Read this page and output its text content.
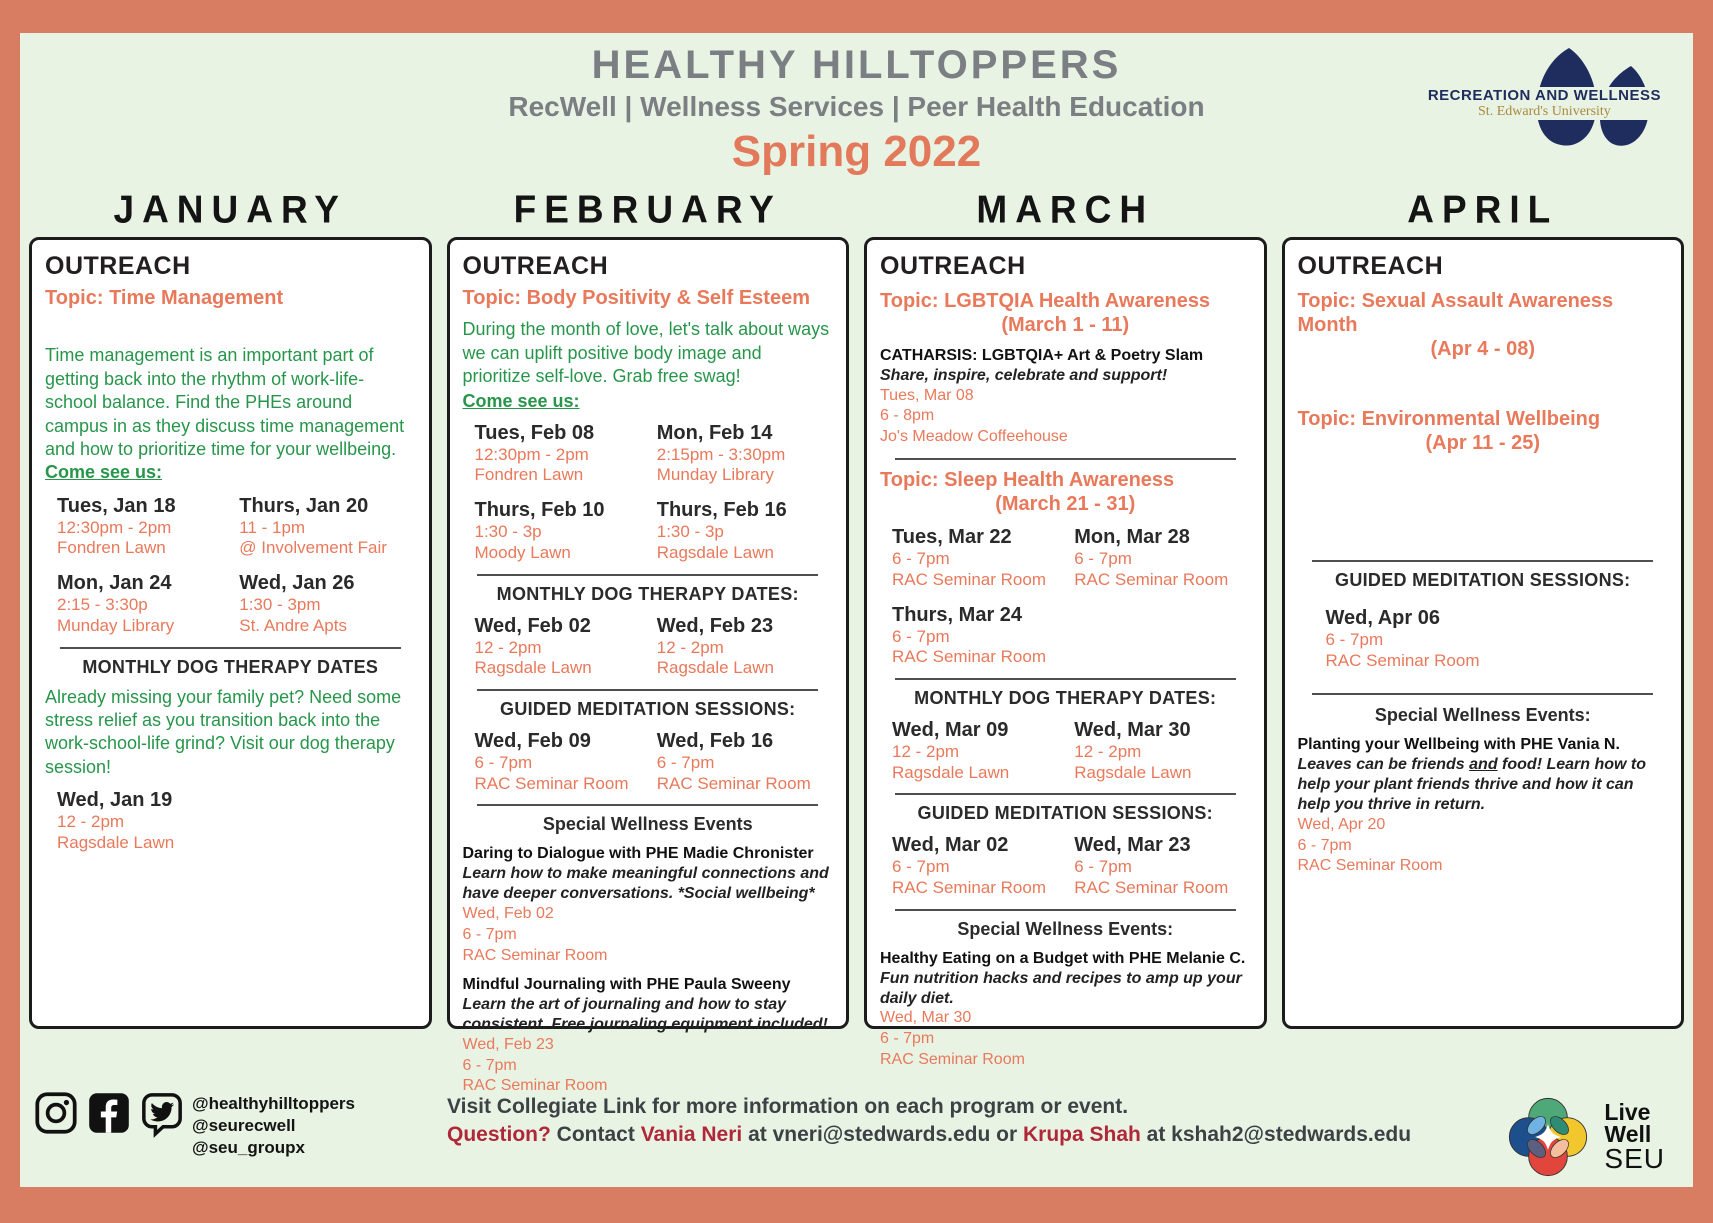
HEALTHY HILLTOPPERS
RecWell | Wellness Services | Peer Health Education
Spring 2022
RECREATION AND WELLNESS
St. Edward's University
JANUARY
OUTREACH
Topic: Time Management

Time management is an important part of getting back into the rhythm of work-life-school balance. Find the PHEs around campus in as they discuss time management and how to prioritize time for your wellbeing. Come see us:

Tues, Jan 18
12:30pm - 2pm
Fondren Lawn
Thurs, Jan 20
11 - 1pm
@ Involvement Fair
Mon, Jan 24
2:15 - 3:30p
Munday Library
Wed, Jan 26
1:30 - 3pm
St. Andre Apts
MONTHLY DOG THERAPY DATES

Already missing your family pet? Need some stress relief as you transition back into the work-school-life grind? Visit our dog therapy session!

Wed, Jan 19
12 - 2pm
Ragsdale Lawn
FEBRUARY
OUTREACH
Topic: Body Positivity & Self Esteem

During the month of love, let's talk about ways we can uplift positive body image and prioritize self-love. Grab free swag!

Come see us:
Tues, Feb 08
12:30pm - 2pm
Fondren Lawn
Mon, Feb 14
2:15pm - 3:30pm
Munday Library
Thurs, Feb 10
1:30 - 3p
Moody Lawn
Thurs, Feb 16
1:30 - 3p
Ragsdale Lawn
MONTHLY DOG THERAPY DATES:
Wed, Feb 02
12 - 2pm
Ragsdale Lawn
Wed, Feb 23
12 - 2pm
Ragsdale Lawn
GUIDED MEDITATION SESSIONS:
Wed, Feb 09
6 - 7pm
RAC Seminar Room
Wed, Feb 16
6 - 7pm
RAC Seminar Room
Special Wellness Events
Daring to Dialogue with PHE Madie Chronister
Learn how to make meaningful connections and have deeper conversations. *Social wellbeing*
Wed, Feb 02
6 - 7pm
RAC Seminar Room
Mindful Journaling with PHE Paula Sweeny
Learn the art of journaling and how to stay consistent. Free journaling equipment included!
Wed, Feb 23
6 - 7pm
RAC Seminar Room
MARCH
OUTREACH
Topic: LGBTQIA Health Awareness
(March 1 - 11)
CATHARSIS: LGBTQIA+ Art & Poetry Slam
Share, inspire, celebrate and support!
Tues, Mar 08
6 - 8pm
Jo's Meadow Coffeehouse
Topic: Sleep Health Awareness
(March 21 - 31)
Tues, Mar 22
6 - 7pm
RAC Seminar Room
Mon, Mar 28
6 - 7pm
RAC Seminar Room
Thurs, Mar 24
6 - 7pm
RAC Seminar Room
MONTHLY DOG THERAPY DATES:
Wed, Mar 09
12 - 2pm
Ragsdale Lawn
Wed, Mar 30
12 - 2pm
Ragsdale Lawn
GUIDED MEDITATION SESSIONS:
Wed, Mar 02
6 - 7pm
RAC Seminar Room
Wed, Mar 23
6 - 7pm
RAC Seminar Room
Special Wellness Events:
Healthy Eating on a Budget with PHE Melanie C.
Fun nutrition hacks and recipes to amp up your daily diet.
Wed, Mar 30
6 - 7pm
RAC Seminar Room
APRIL
OUTREACH
Topic: Sexual Assault Awareness Month
(Apr 4 - 08)
Topic: Environmental Wellbeing
(Apr 11 - 25)
GUIDED MEDITATION SESSIONS:
Wed, Apr 06
6 - 7pm
RAC Seminar Room
Special Wellness Events:
Planting your Wellbeing with PHE Vania N.
Leaves can be friends and food! Learn how to help your plant friends thrive and how it can help you thrive in return.
Wed, Apr 20
6 - 7pm
RAC Seminar Room
@healthyhilltoppers
@seurecwell
@seu_groupx
Visit Collegiate Link for more information on each program or event.
Question? Contact Vania Neri at vneri@stedwards.edu or Krupa Shah at kshah2@stedwards.edu
Live
Well
SEU
